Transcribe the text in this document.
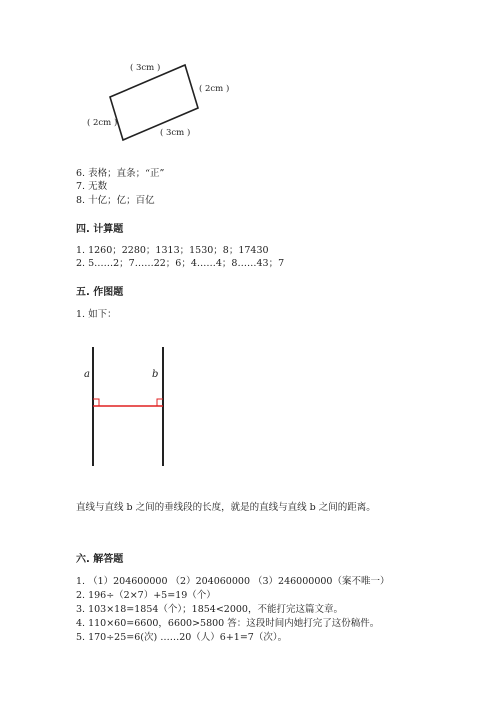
( 3cm )
( 2cm )
( 2cm )
( 3cm )
6. 表格；直条；“正”
7. 无数
8. 十亿；亿；百亿
四. 计算题
1. 1260；2280；1313；1530；8；17430
2. 5……2；7……22；6；4……4；8……43；7
五. 作图题
1. 如下：
a	b
直线与直线 b 之间的垂线段的长度，就是的直线与直线 b 之间的距离。
六. 解答题
1. （1）204600000 （2）204060000 （3）246000000（案不唯一）
2. 196÷（2×7）+5=19（个）
3. 103×18=1854（个）；1854<2000，不能打完这篇文章。
4. 110×60=6600，6600>5800 答：这段时间内她打完了这份稿件。
5. 170÷25=6(次) ……20（人）6+1=7（次）。
